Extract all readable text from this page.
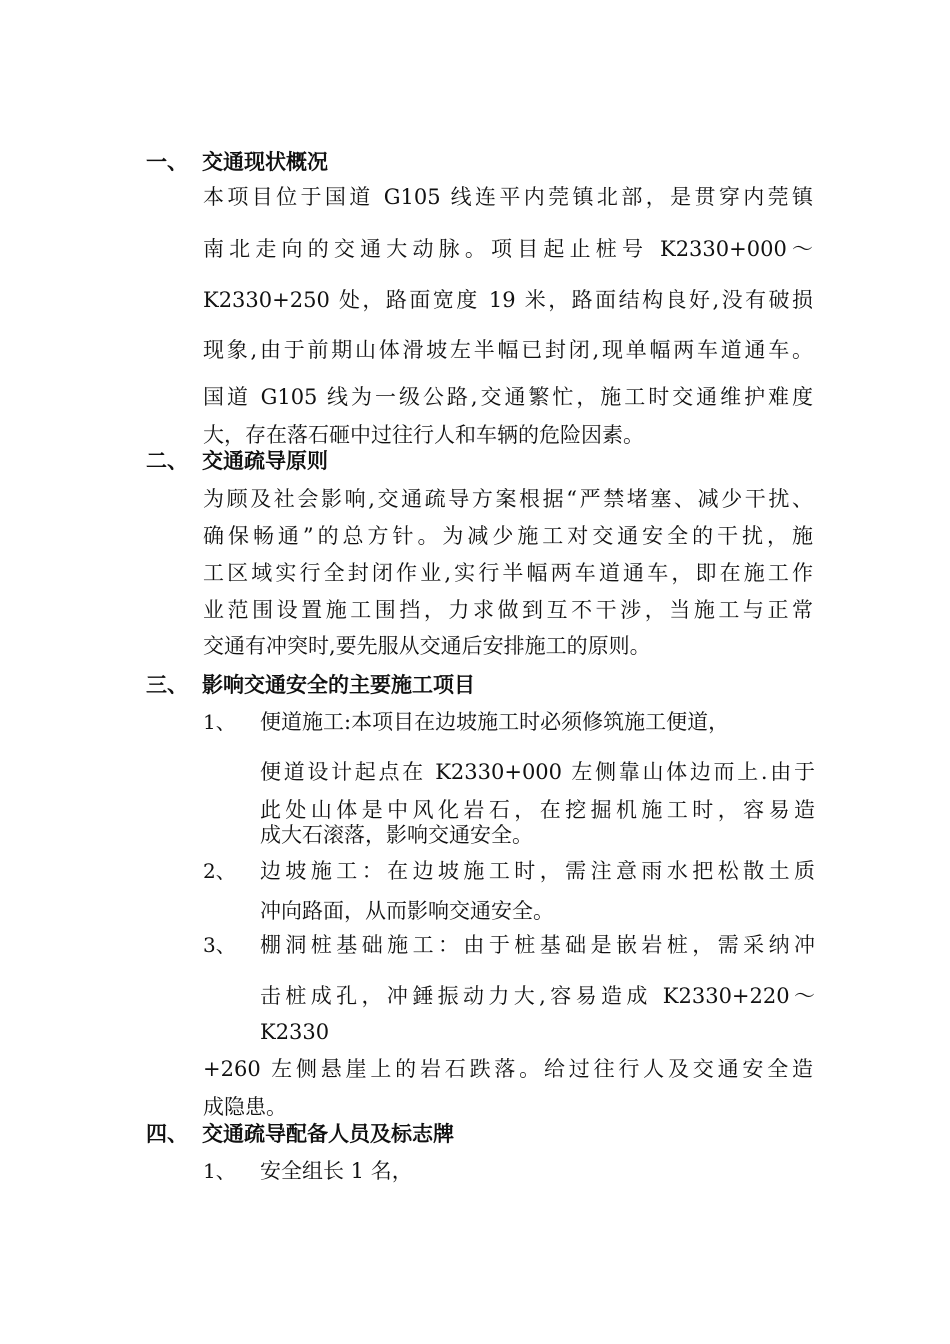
一、 交通现状概况
本项目位于国道 G105 线连平内莞镇北部，是贯穿内莞镇
南北走向的交通大动脉。项目起止桩号 K2330+000～
K2330+250 处，路面宽度 19 米，路面结构良好,没有破损
现象,由于前期山体滑坡左半幅已封闭,现单幅两车道通车。
国道 G105 线为一级公路,交通繁忙，施工时交通维护难度
大，存在落石砸中过往行人和车辆的危险因素。
二、 交通疏导原则
为顾及社会影响,交通疏导方案根据“严禁堵塞、减少干扰、
确保畅通”的总方针。为减少施工对交通安全的干扰，施
工区域实行全封闭作业,实行半幅两车道通车，即在施工作
业范围设置施工围挡，力求做到互不干涉，当施工与正常
交通有冲突时,要先服从交通后安排施工的原则。
三、 影响交通安全的主要施工项目
1、 便道施工:本项目在边坡施工时必须修筑施工便道，
便道设计起点在 K2330+000 左侧靠山体边而上.由于
此处山体是中风化岩石，在挖掘机施工时，容易造
成大石滚落，影响交通安全。
2、 边坡施工：在边坡施工时，需注意雨水把松散土质
冲向路面，从而影响交通安全。
3、 棚洞桩基础施工：由于桩基础是嵌岩桩，需采纳冲
击桩成孔，冲錘振动力大,容易造成 K2330+220～
K2330
+260 左侧悬崖上的岩石跌落。给过往行人及交通安全造
成隐患。
四、 交通疏导配备人员及标志牌
1、 安全组长 1 名，
